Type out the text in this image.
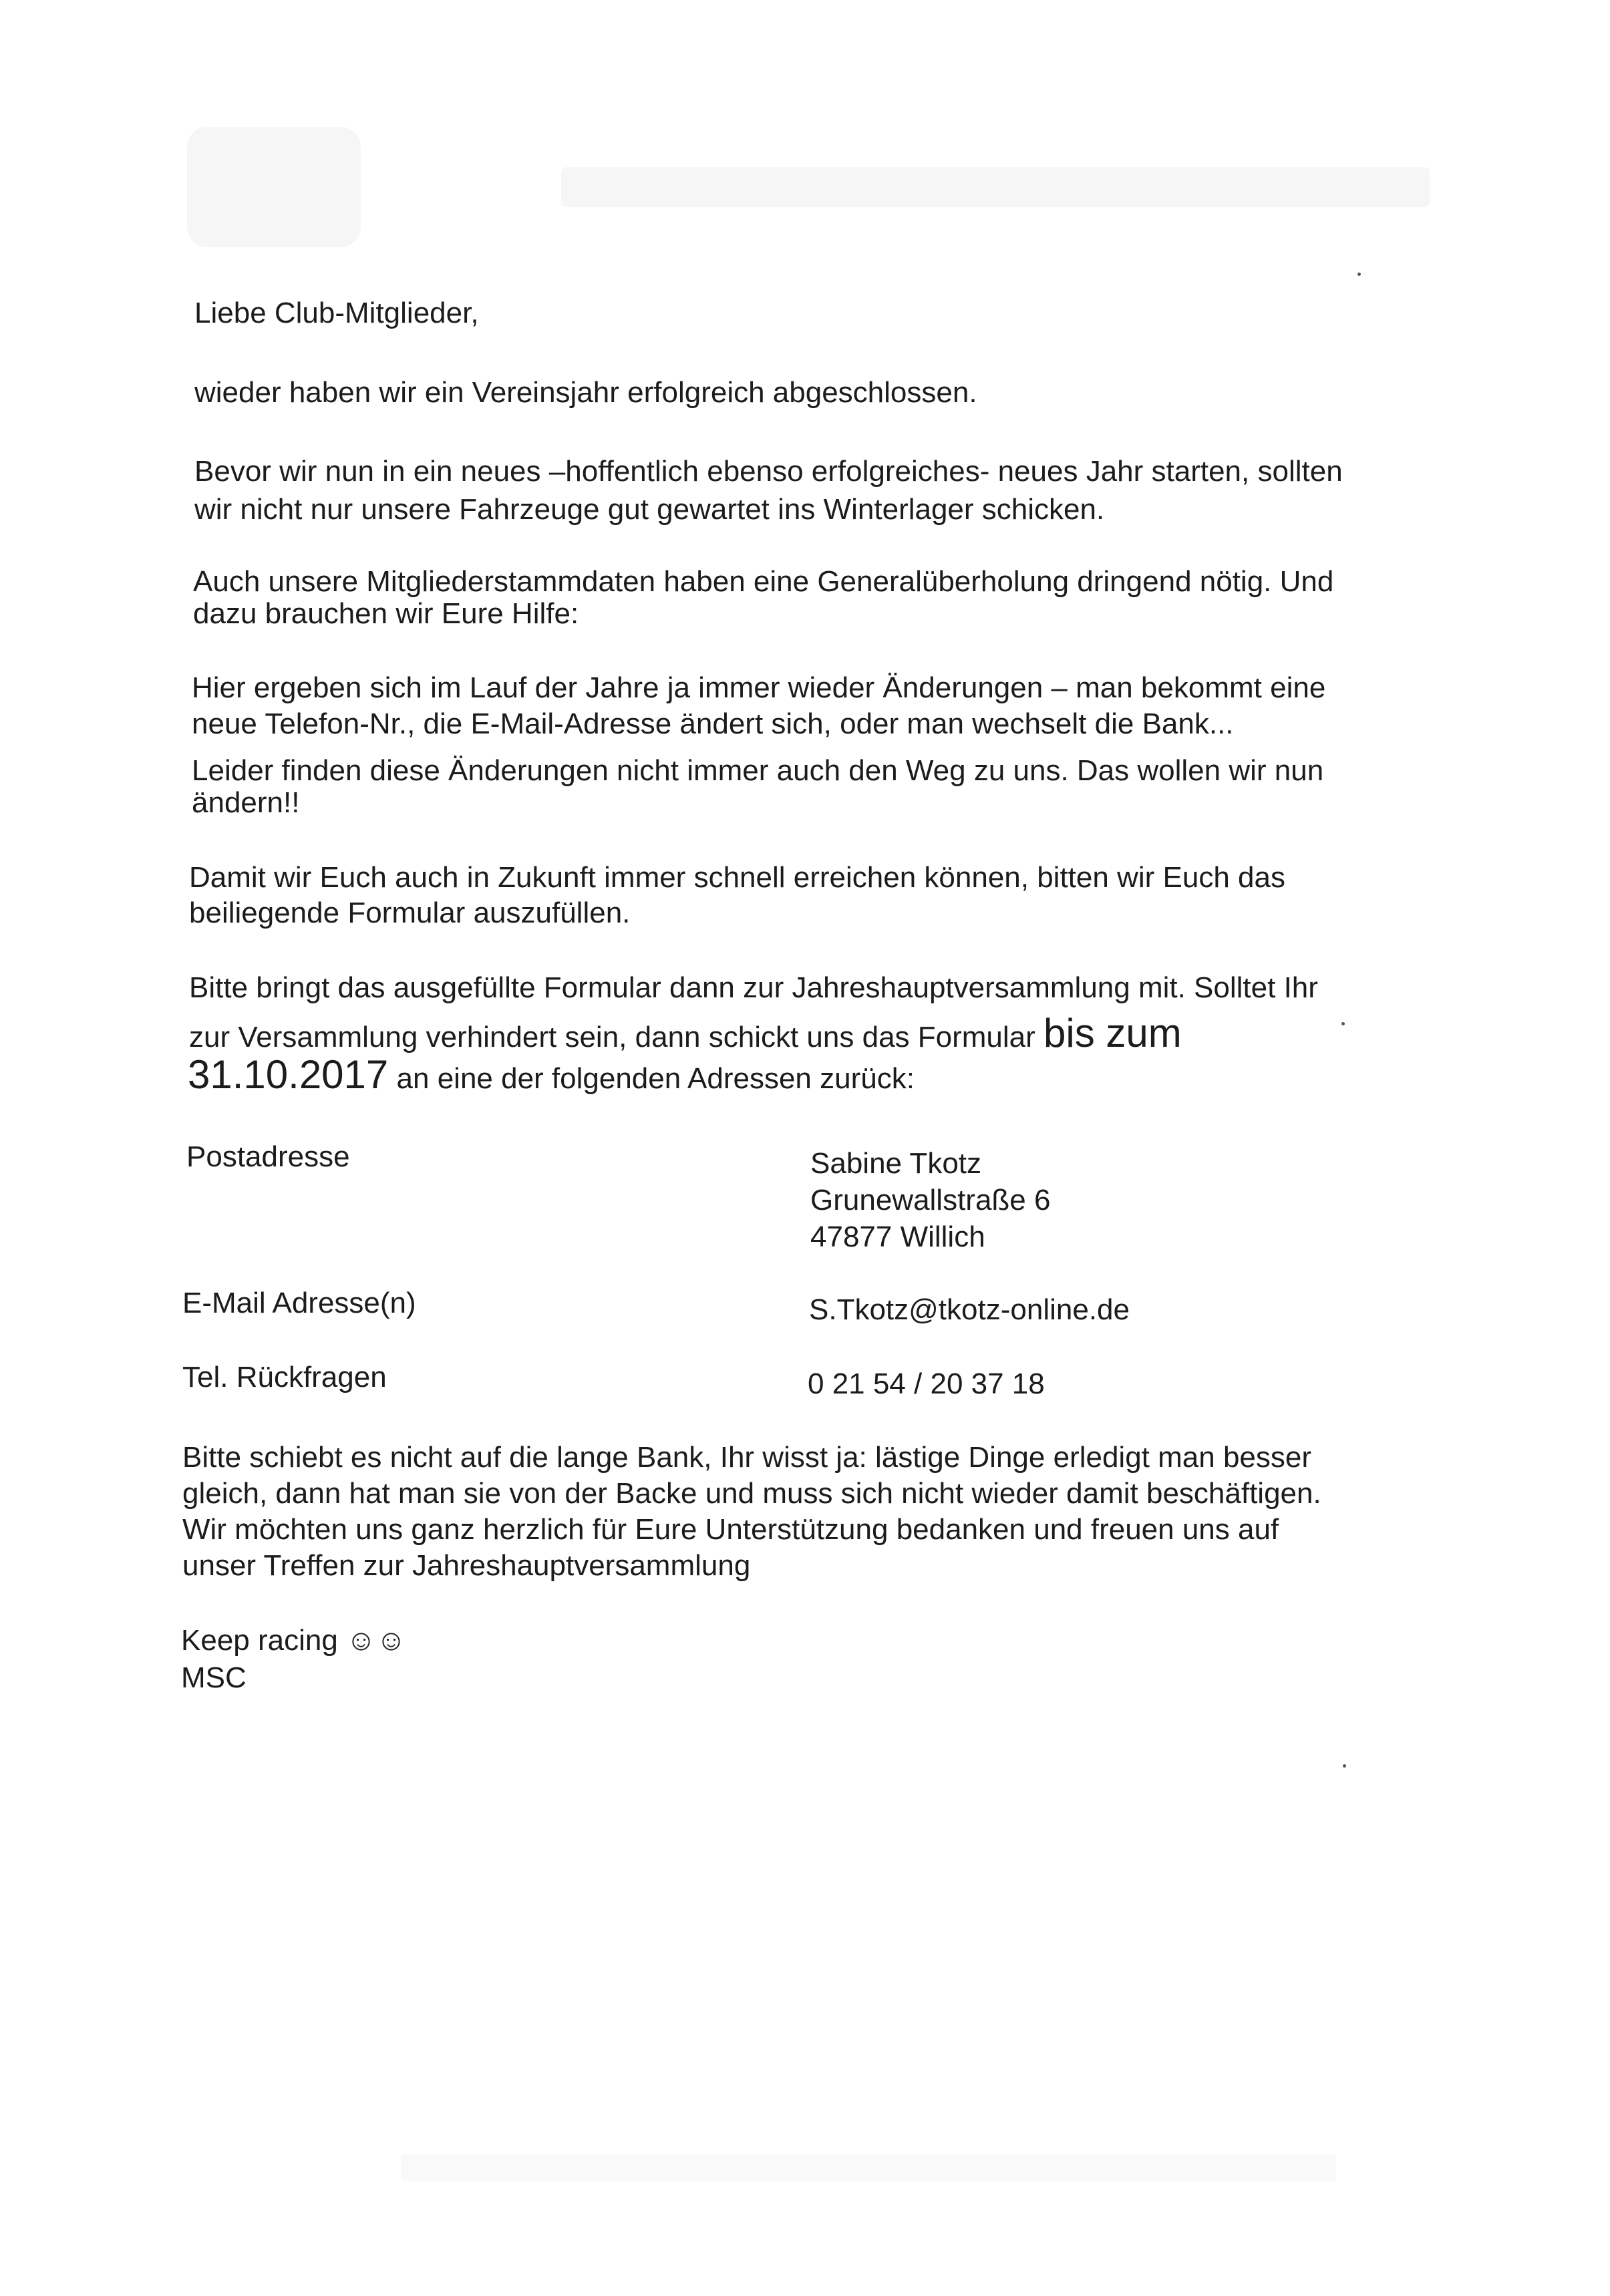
Liebe Club-Mitglieder,

wieder haben wir ein Vereinsjahr erfolgreich abgeschlossen.

Bevor wir nun in ein neues –hoffentlich ebenso erfolgreiches- neues Jahr starten, sollten

wir nicht nur unsere Fahrzeuge gut gewartet ins Winterlager schicken.

Auch unsere Mitgliederstammdaten haben eine Generalüberholung dringend nötig. Und

dazu brauchen wir Eure Hilfe:

Hier ergeben sich im Lauf der Jahre ja immer wieder Änderungen – man bekommt eine

neue Telefon-Nr., die E-Mail-Adresse ändert sich, oder man wechselt die Bank...

Leider finden diese Änderungen nicht immer auch den Weg zu uns. Das wollen wir nun

ändern!!

Damit wir Euch auch in Zukunft immer schnell erreichen können, bitten wir Euch das

beiliegende Formular auszufüllen.

Bitte bringt das ausgefüllte Formular dann zur Jahreshauptversammlung mit. Solltet Ihr

zur Versammlung verhindert sein, dann schickt uns das Formular bis zum

31.10.2017 an eine der folgenden Adressen zurück:

Postadresse	Sabine Tkotz

Grunewallstraße 6

47877 Willich

E-Mail Adresse(n)	S.Tkotz@tkotz-online.de

Tel. Rückfragen	0 21 54 / 20 37 18

Bitte schiebt es nicht auf die lange Bank, Ihr wisst ja: lästige Dinge erledigt man besser

gleich, dann hat man sie von der Backe und muss sich nicht wieder damit beschäftigen.

Wir möchten uns ganz herzlich für Eure Unterstützung bedanken und freuen uns auf

unser Treffen zur Jahreshauptversammlung

Keep racing ☺☺

MSC
